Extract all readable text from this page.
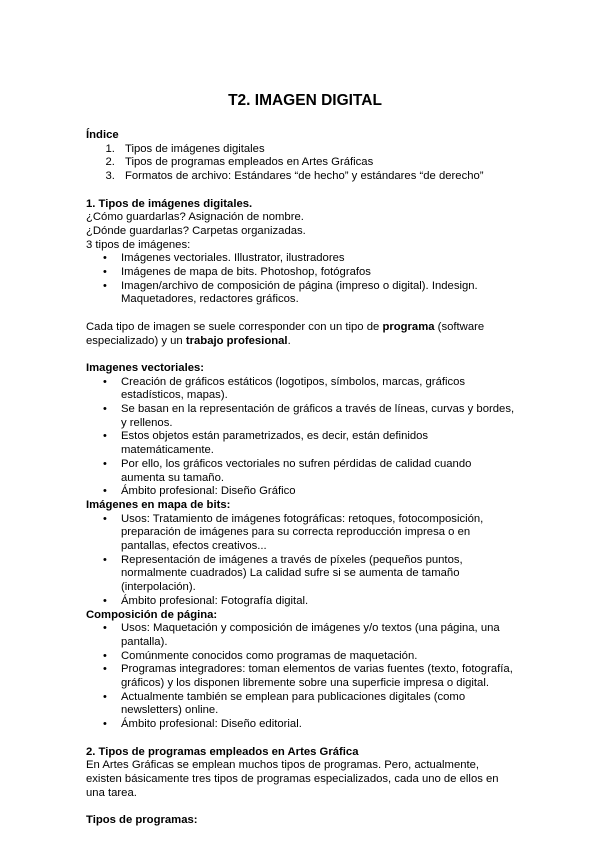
T2. IMAGEN DIGITAL
Índice
1. Tipos de imágenes digitales
2. Tipos de programas empleados en Artes Gráficas
3. Formatos de archivo: Estándares “de hecho” y estándares “de derecho”
1. Tipos de imágenes digitales.

¿Cómo guardarlas? Asignación de nombre.

¿Dónde guardarlas? Carpetas organizadas.

3 tipos de imágenes:

• Imágenes vectoriales. Illustrator, ilustradores
• Imágenes de mapa de bits. Photoshop, fotógrafos
• Imagen/archivo de composición de página (impreso o digital). Indesign. Maquetadores, redactores gráficos.

Cada tipo de imagen se suele corresponder con un tipo de programa (software especializado) y un trabajo profesional.

Imagenes vectoriales:
• Creación de gráficos estáticos (logotipos, símbolos, marcas, gráficos estadísticos, mapas).
• Se basan en la representación de gráficos a través de líneas, curvas y bordes, y rellenos.
• Estos objetos están parametrizados, es decir, están definidos matemáticamente.
• Por ello, los gráficos vectoriales no sufren pérdidas de calidad cuando aumenta su tamaño.
• Ámbito profesional: Diseño Gráfico
Imágenes en mapa de bits:
• Usos: Tratamiento de imágenes fotográficas: retoques, fotocomposición, preparación de imágenes para su correcta reproducción impresa o en pantallas, efectos creativos...
• Representación de imágenes a través de píxeles (pequeños puntos, normalmente cuadrados) La calidad sufre si se aumenta de tamaño (interpolación).
• Ámbito profesional: Fotografía digital.
Composición de página:
• Usos: Maquetación y composición de imágenes y/o textos (una página, una pantalla).
• Comúnmente conocidos como programas de maquetación.
• Programas integradores: toman elementos de varias fuentes (texto, fotografía, gráficos) y los disponen libremente sobre una superficie impresa o digital.
• Actualmente también se emplean para publicaciones digitales (como newsletters) online.
• Ámbito profesional: Diseño editorial.
2. Tipos de programas empleados en Artes Gráfica

En Artes Gráficas se emplean muchos tipos de programas. Pero, actualmente, existen básicamente tres tipos de programas especializados, cada uno de ellos en una tarea.

Tipos de programas:
